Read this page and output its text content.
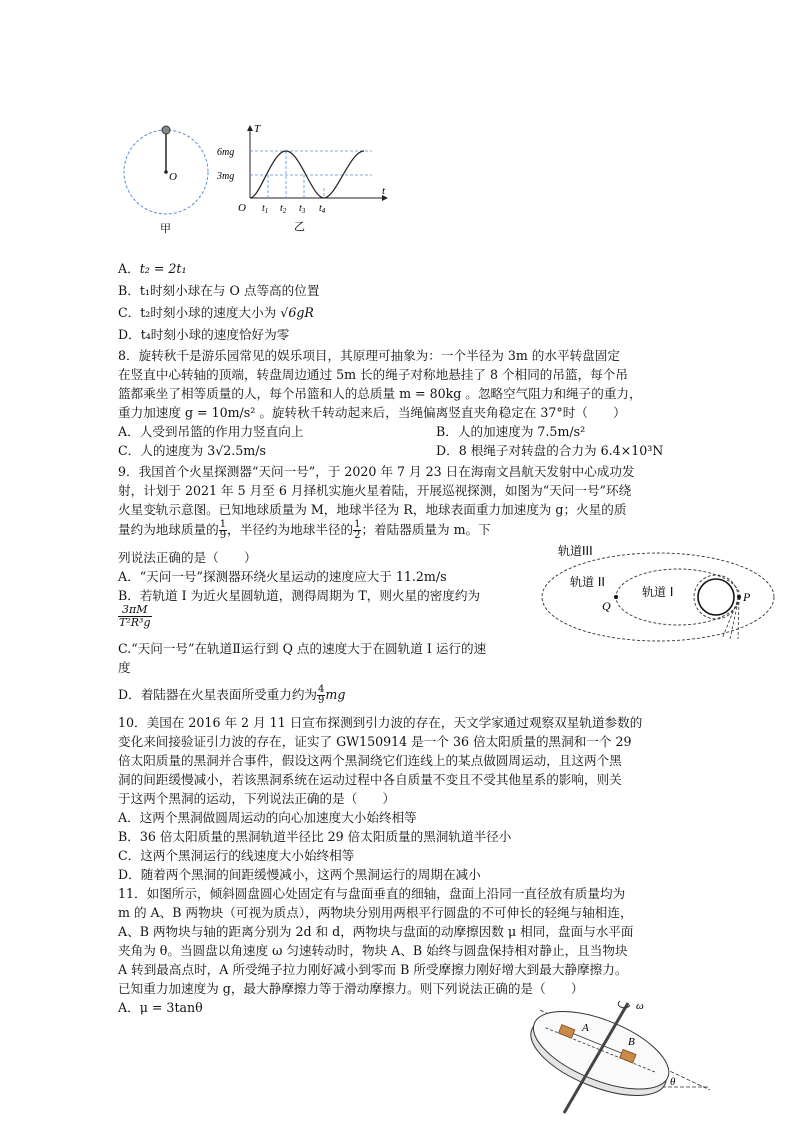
O
甲
T
t
6mg
3mg
O $t_1$ $t_2$ $t_3$ $t_4$
乙
A．t₂ = 2t₁
B．t₁时刻小球在与 O 点等高的位置
C．t₂时刻小球的速度大小为 √6gR
D．t₄时刻小球的速度恰好为零
8．旋转秋千是游乐园常见的娱乐项目，其原理可抽象为：一个半径为 3m 的水平转盘固定
在竖直中心转轴的顶端，转盘周边通过 5m 长的绳子对称地悬挂了 8 个相同的吊篮，每个吊
篮都乘坐了相等质量的人，每个吊篮和人的总质量 m = 80kg 。忽略空气阻力和绳子的重力，
重力加速度 g = 10m/s² 。旋转秋千转动起来后，当绳偏离竖直夹角稳定在 37°时（　　）
A．人受到吊篮的作用力竖直向上	B．人的加速度为 7.5m/s²
C．人的速度为 3√2.5m/s	D．8 根绳子对转盘的合力为 6.4×10³N
9．我国首个火星探测器“天问一号”，于 2020 年 7 月 23 日在海南文昌航天发射中心成功发
射，计划于 2021 年 5 月至 6 月择机实施火星着陆，开展巡视探测，如图为“天问一号”环绕
火星变轨示意图。已知地球质量为 M，地球半径为 R，地球表面重力加速度为 g；火星的质
量约为地球质量的 $\frac{1}{9}$ ，半径约为地球半径的 $\frac{1}{2}$ ；着陆器质量为 m。下
列说法正确的是（　　）
A．“天问一号”探测器环绕火星运动的速度应大于 11.2m/s
B．若轨道 I 为近火星圆轨道，测得周期为 T，则火星的密度约为
$\frac{3\pi M}{\text{T²R³g}}$
C.“天问一号”在轨道Ⅱ运行到 Q 点的速度大于在圆轨道 I 运行的速
度
D．着陆器在火星表面所受重力约为 $\frac{4}{9}$ mg
轨道III
轨道 II
轨道 I
Q
P
10．美国在 2016 年 2 月 11 日宣布探测到引力波的存在，天文学家通过观察双星轨道参数的
变化来间接验证引力波的存在，证实了 GW150914 是一个 36 倍太阳质量的黑洞和一个 29
倍太阳质量的黑洞并合事件，假设这两个黑洞绕它们连线上的某点做圆周运动，且这两个黑
洞的间距缓慢减小，若该黑洞系统在运动过程中各自质量不变且不受其他星系的影响，则关
于这两个黑洞的运动，下列说法正确的是（　　）
A．这两个黑洞做圆周运动的向心加速度大小始终相等
B．36 倍太阳质量的黑洞轨道半径比 29 倍太阳质量的黑洞轨道半径小
C．这两个黑洞运行的线速度大小始终相等
D．随着两个黑洞的间距缓慢减小，这两个黑洞运行的周期在减小
11．如图所示，倾斜圆盘圆心处固定有与盘面垂直的细轴，盘面上沿同一直径放有质量均为
m 的 A、B 两物块（可视为质点），两物块分别用两根平行圆盘的不可伸长的轻绳与轴相连，
A、B 两物块与轴的距离分别为 2d 和 d，两物块与盘面的动摩擦因数 μ 相同，盘面与水平面
夹角为 θ。当圆盘以角速度 ω 匀速转动时，物块 A、B 始终与圆盘保持相对静止，且当物块
A 转到最高点时，A 所受绳子拉力刚好减小到零而 B 所受摩擦力刚好增大到最大静摩擦力。
已知重力加速度为 g，最大静摩擦力等于滑动摩擦力。则下列说法正确的是（　　）
A．μ = 3tanθ	ω
A
B
θ
